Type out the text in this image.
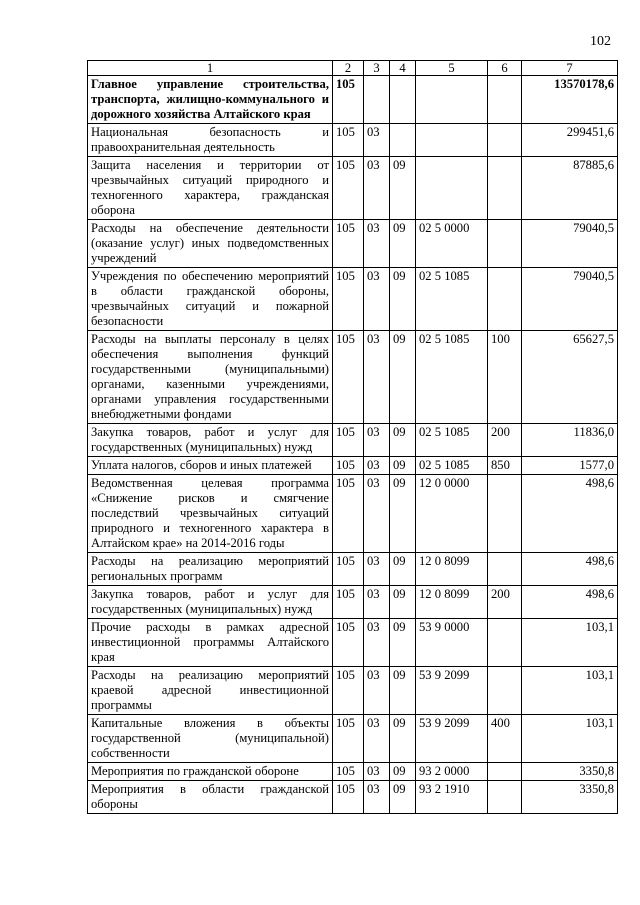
102
1	2	3	4	5	6	7
Главное управление строительства, транспорта, жилищно-коммунального и дорожного хозяйства Алтайского края	105					13570178,6
Национальная безопасность и правоохранительная деятельность	105	03				299451,6
Защита населения и территории от чрезвычайных ситуаций природного и техногенного характера, гражданская оборона	105	03	09			87885,6
Расходы на обеспечение деятельности (оказание услуг) иных подведомственных учреждений	105	03	09	02 5 0000		79040,5
Учреждения по обеспечению мероприятий в области гражданской обороны, чрезвычайных ситуаций и пожарной безопасности	105	03	09	02 5 1085		79040,5
Расходы на выплаты персоналу в целях обеспечения выполнения функций государственными (муниципальными) органами, казенными учреждениями, органами управления государственными внебюджетными фондами	105	03	09	02 5 1085	100	65627,5
Закупка товаров, работ и услуг для государственных (муниципальных) нужд	105	03	09	02 5 1085	200	11836,0
Уплата налогов, сборов и иных платежей	105	03	09	02 5 1085	850	1577,0
Ведомственная целевая программа «Снижение рисков и смягчение последствий чрезвычайных ситуаций природного и техногенного характера в Алтайском крае» на 2014-2016 годы	105	03	09	12 0 0000		498,6
Расходы на реализацию мероприятий региональных программ	105	03	09	12 0 8099		498,6
Закупка товаров, работ и услуг для государственных (муниципальных) нужд	105	03	09	12 0 8099	200	498,6
Прочие расходы в рамках адресной инвестиционной программы Алтайского края	105	03	09	53 9 0000		103,1
Расходы на реализацию мероприятий краевой адресной инвестиционной программы	105	03	09	53 9 2099		103,1
Капитальные вложения в объекты государственной (муниципальной) собственности	105	03	09	53 9 2099	400	103,1
Мероприятия по гражданской обороне	105	03	09	93 2 0000		3350,8
Мероприятия в области гражданской обороны	105	03	09	93 2 1910		3350,8
